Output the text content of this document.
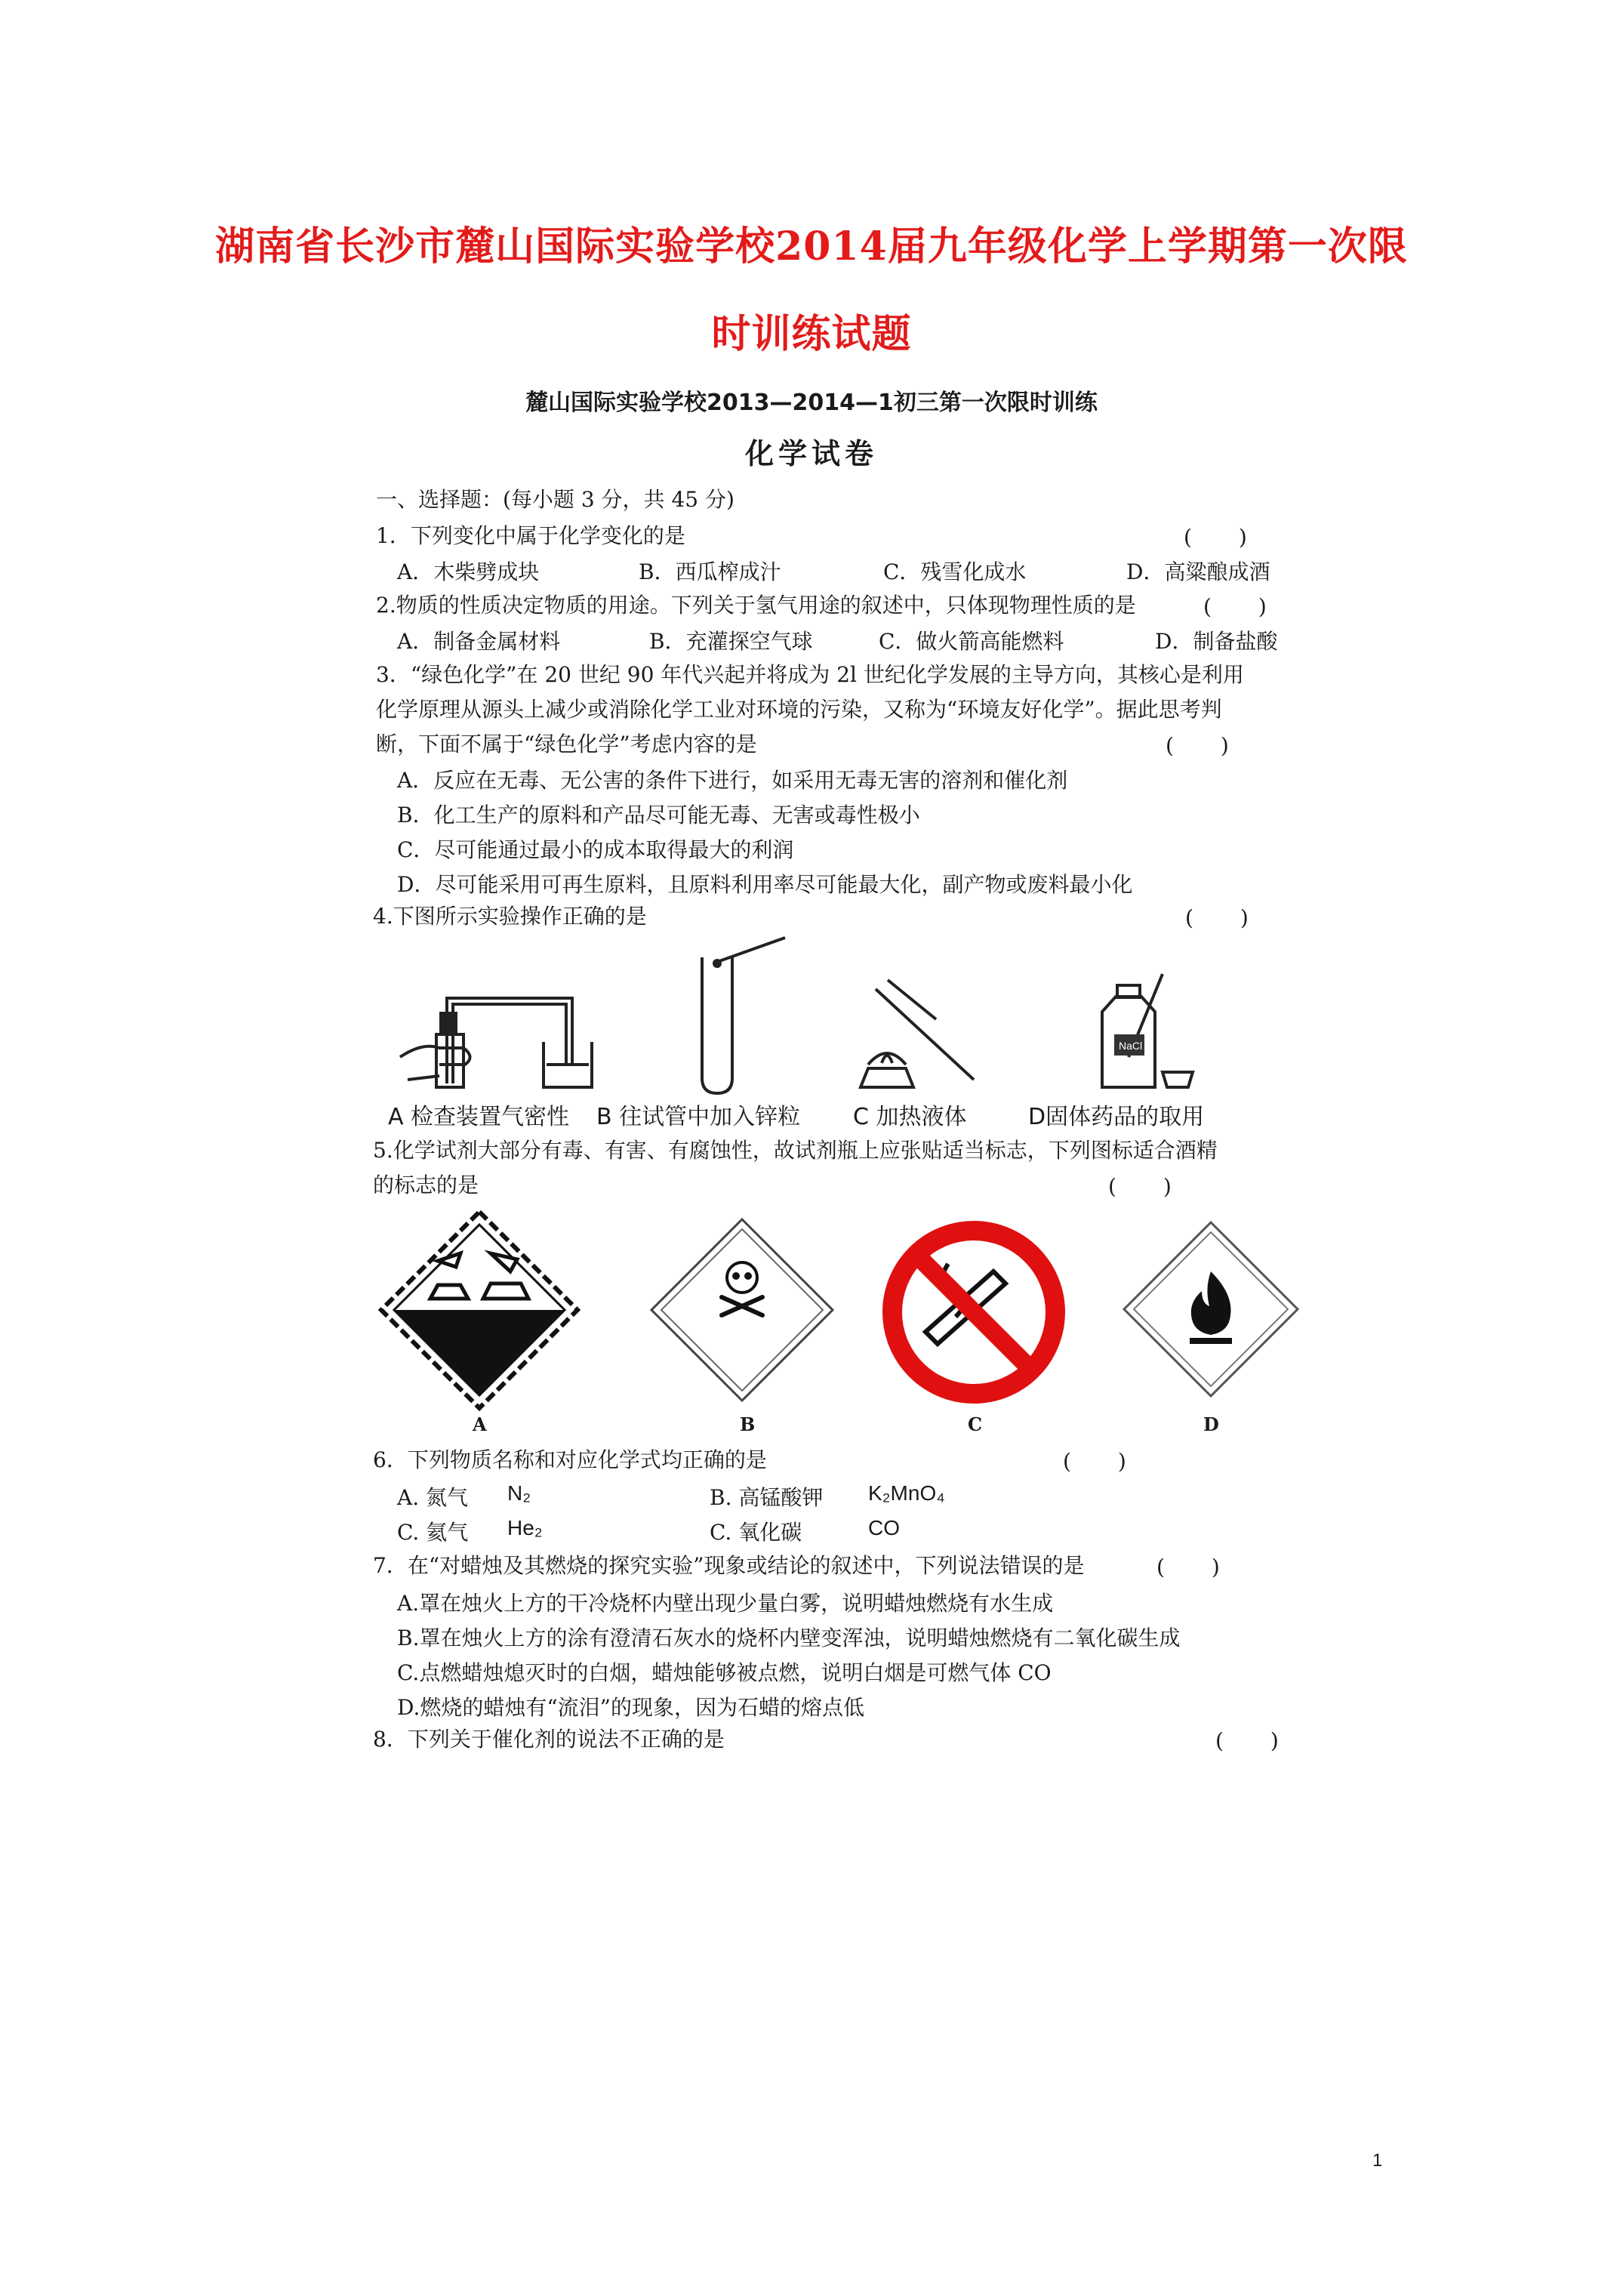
湖南省长沙市麓山国际实验学校2014届九年级化学上学期第一次限
时训练试题
麓山国际实验学校2013—2014—1初三第一次限时训练
化学试卷
一、选择题：(每小题 3 分，共 45 分)
1．下列变化中属于化学变化的是	(　　)
A．木柴劈成块	B．西瓜榨成汁	C．残雪化成水	D．高粱酿成酒
2.物质的性质决定物质的用途。下列关于氢气用途的叙述中，只体现物理性质的是	(　　)
A．制备金属材料	B．充灌探空气球	C．做火箭高能燃料	D．制备盐酸
3．“绿色化学”在 20 世纪 90 年代兴起并将成为 2l 世纪化学发展的主导方向，其核心是利用
化学原理从源头上减少或消除化学工业对环境的污染，又称为“环境友好化学”。据此思考判
断，下面不属于“绿色化学”考虑内容的是	(　　)
A．反应在无毒、无公害的条件下进行，如采用无毒无害的溶剂和催化剂
B．化工生产的原料和产品尽可能无毒、无害或毒性极小
C．尽可能通过最小的成本取得最大的利润
D．尽可能采用可再生原料，且原料利用率尽可能最大化，副产物或废料最小化
4.下图所示实验操作正确的是	(　　)
A 检查装置气密性 B 往试管中加入锌粒 C 加热液体
NaCl
D固体药品的取用
5.化学试剂大部分有毒、有害、有腐蚀性，故试剂瓶上应张贴适当标志，下列图标适合酒精
的标志的是	(　　)
A	B	C	D
6．下列物质名称和对应化学式均正确的是	(　　)
A. 氮气 N₂	B. 高锰酸钾 K₂MnO₄
C. 氦气 He₂	C. 氧化碳	CO
7．在“对蜡烛及其燃烧的探究实验”现象或结论的叙述中，下列说法错误的是	(　　)
A.罩在烛火上方的干冷烧杯内壁出现少量白雾，说明蜡烛燃烧有水生成
B.罩在烛火上方的涂有澄清石灰水的烧杯内壁变浑浊，说明蜡烛燃烧有二氧化碳生成
C.点燃蜡烛熄灭时的白烟，蜡烛能够被点燃，说明白烟是可燃气体 CO
D.燃烧的蜡烛有“流泪”的现象，因为石蜡的熔点低
8．下列关于催化剂的说法不正确的是	(　　)
1
